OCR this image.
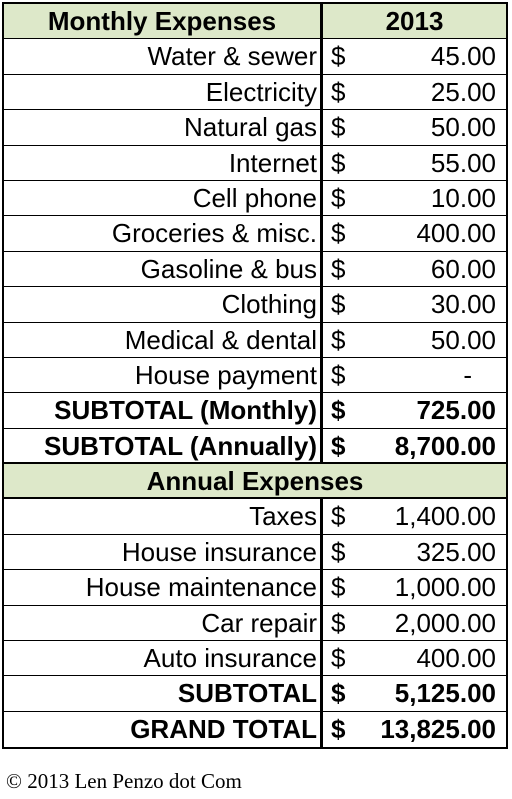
Monthly Expenses	2013
Water & sewer $	45.00
Electricity $	25.00
Natural gas $	50.00
Internet $	55.00
Cell phone $	10.00
Groceries & misc. $	400.00
Gasoline & bus $	60.00
Clothing $	30.00
Medical & dental $	50.00
House payment $	-
SUBTOTAL (Monthly) $	725.00
SUBTOTAL (Annually) $	8,700.00
Annual Expenses
Taxes $	1,400.00
House insurance $	325.00
House maintenance $	1,000.00
Car repair $	2,000.00
Auto insurance $	400.00
SUBTOTAL $	5,125.00
GRAND TOTAL $	13,825.00
© 2013 Len Penzo dot Com
